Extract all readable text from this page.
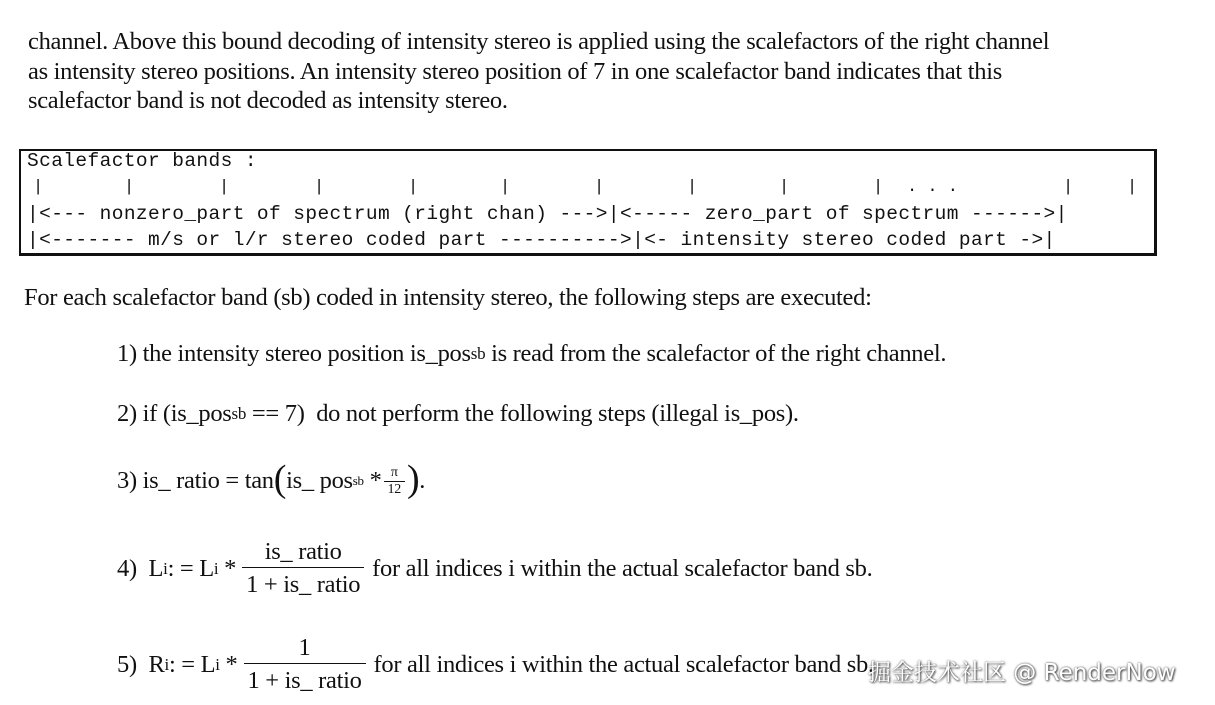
channel. Above this bound decoding of intensity stereo is applied using the scalefactors of the right channel
as intensity stereo positions. An intensity stereo position of 7 in one scalefactor band indicates that this
scalefactor band is not decoded as intensity stereo.
Scalefactor bands :
|	|	|	|	|	|	|	|	|	| . . .	|	|
|<--- nonzero_part of spectrum (right chan) --->|<----- zero_part of spectrum ------>|
|<------- m/s or l/r stereo coded part ---------->|<- intensity stereo coded part ->|
For each scalefactor band (sb) coded in intensity stereo, the following steps are executed:
1)
the intensity stereo position is_pos sb is read from the scalefactor of the right channel.
2)
if (is_pos sb == 7)  do not perform the following steps (illegal is_pos).
3)
is_ ratio = tan ( is_ pos sb * $\frac{\pi}{12}$ ) .
4)
L i : = L i * $\frac{\text{is\_ ratio}}{\text{1 + is\_ ratio}}$ for all indices i within the actual scalefactor band sb.
5)
R i : = L i * $\frac{1}{\text{1 + is\_ ratio}}$ for all indices i within the actual scalefactor band sb.
掘金技术社区 @ RenderNow
